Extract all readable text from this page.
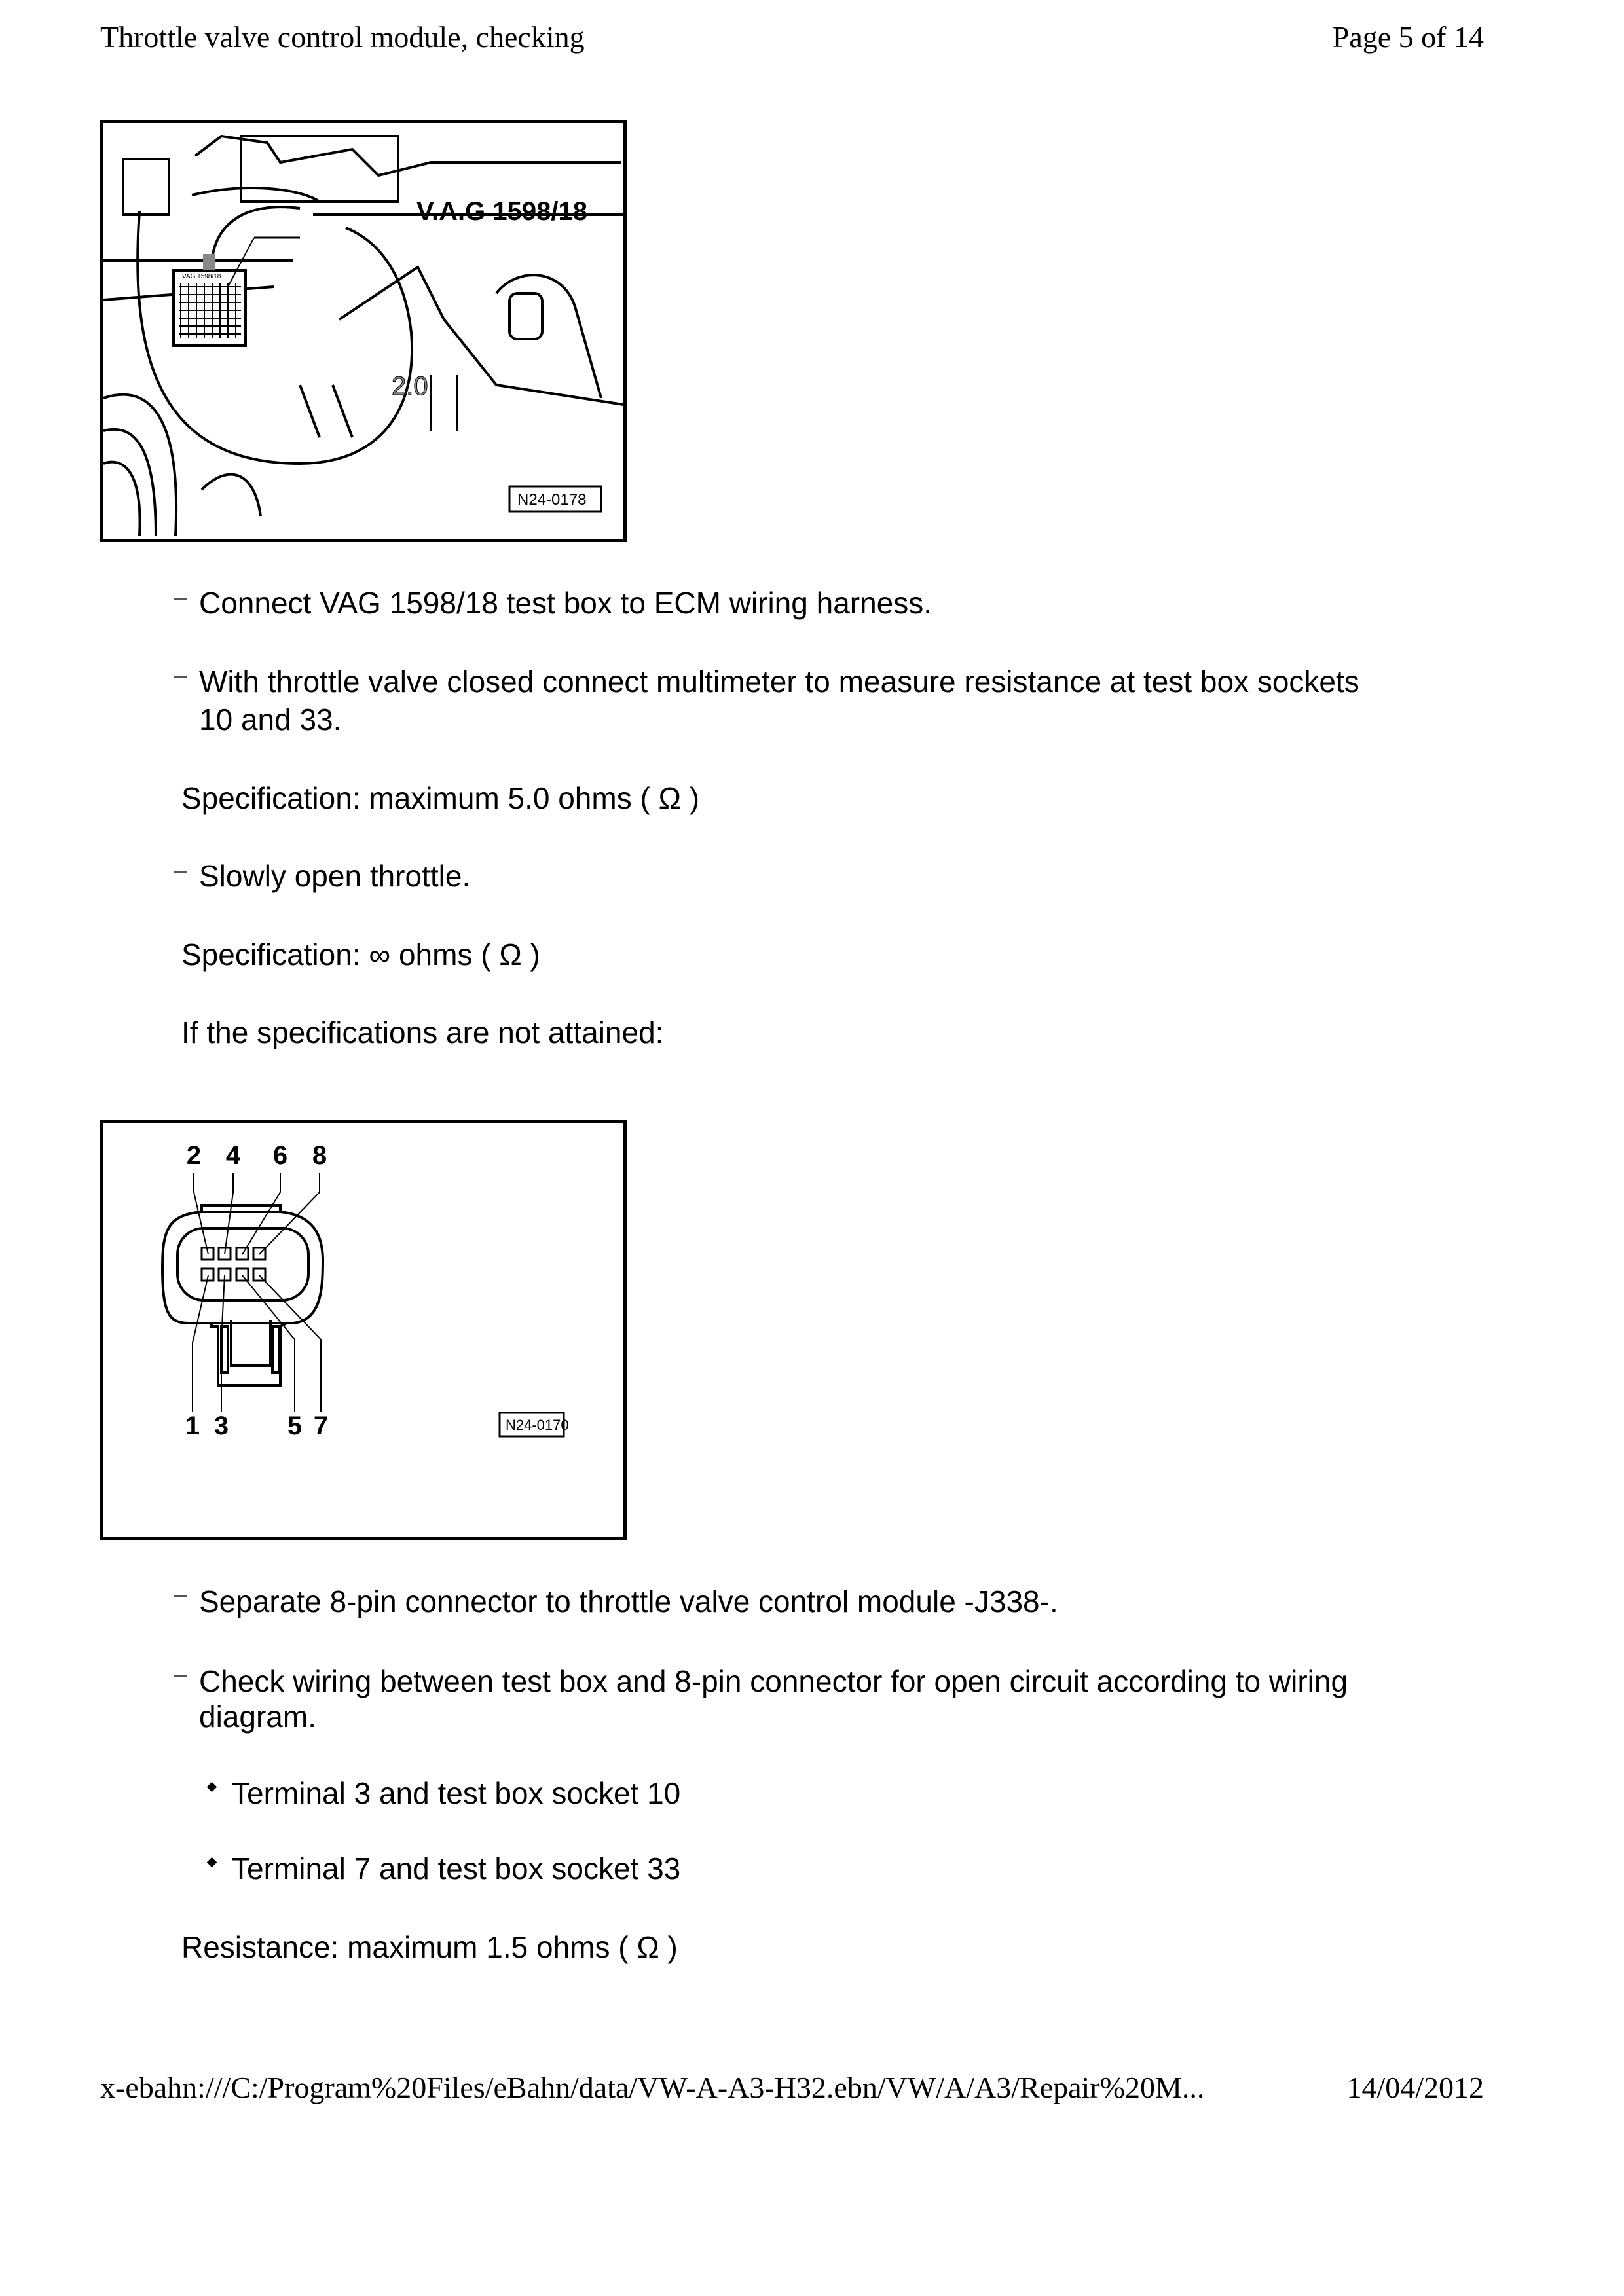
Throttle valve control module, checking	Page 5 of 14
V.A.G 1598/18
VAG 1598/18
2.0
N24-0178
Connect VAG 1598/18 test box to ECM wiring harness.
With throttle valve closed connect multimeter to measure resistance at test box sockets
10 and 33.
Specification: maximum 5.0 ohms ( Ω )
Slowly open throttle.
Specification: ∞ ohms ( Ω )
If the specifications are not attained:
2 4 6 8
1 3 5 7	N24-0170
Separate 8-pin connector to throttle valve control module -J338-.
Check wiring between test box and 8-pin connector for open circuit according to wiring
diagram.
Terminal 3 and test box socket 10
Terminal 7 and test box socket 33
Resistance: maximum 1.5 ohms ( Ω )
x-ebahn:///C:/Program%20Files/eBahn/data/VW-A-A3-H32.ebn/VW/A/A3/Repair%20M...	14/04/2012
